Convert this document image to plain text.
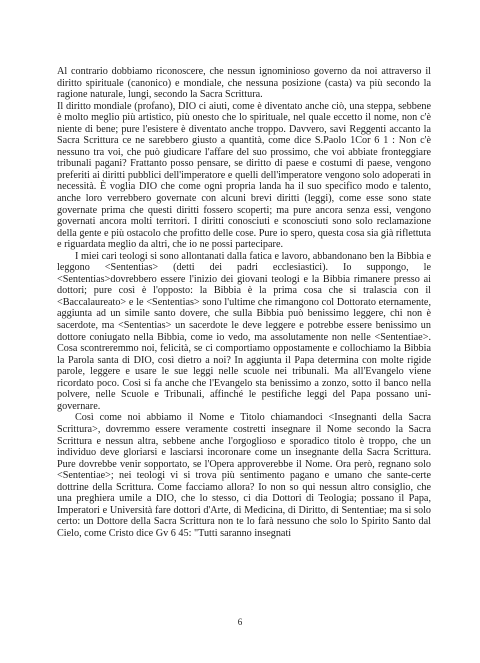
Al contrario dobbiamo riconoscere, che nessun ignominioso governo da noi attraverso il diritto spirituale (canonico) e mondiale, che nessuna posizione (casta) va più secondo la ragione naturale, lungi, secondo la Sacra Scrittura.

Il diritto mondiale (profano), DIO ci aiuti, come è diventato anche ciò, una steppa, sebbene è molto meglio più artistico, più onesto che lo spirituale, nel quale eccetto il nome, non c'è niente di bene; pure l'esistere è diventato anche troppo. Davvero, savi Reggenti accanto la Sacra Scrittura ce ne sarebbero giusto a quantità, come dice S.Paolo 1Cor 6 1 : Non c'è nessuno tra voi, che può giudicare l'affare del suo prossimo, che voi abbiate fronteggiare tribunali pagani? Frattanto posso pensare, se diritto di paese e costumi di paese, vengono preferiti ai diritti pubblici dell'imperatore e quelli dell'imperatore vengono solo adoperati in necessità. È voglia DIO che come ogni propria landa ha il suo specifico modo e talento, anche loro verrebbero governate con alcuni brevi diritti (leggi), come esse sono state governate prima che questi diritti fossero scoperti; ma pure ancora senza essi, vengono governati ancora molti territori. I diritti conosciuti e sconosciuti sono solo reclamazione della gente e più ostacolo che profitto delle cose. Pure io spero, questa cosa sia già riflettuta e riguardata meglio da altri, che io ne possi partecipare.

I miei cari teologi si sono allontanati dalla fatica e lavoro, abbandonano ben la Bibbia e leggono <Sententias> (detti dei padri ecclesiastici). Io suppongo, le <Sententias>dovrebbero essere l'inizio dei giovani teologi e la Bibbia rimanere presso ai dottori; pure così è l'opposto: la Bibbia è la prima cosa che si tralascia con il <Baccalaureato> e le <Sententias> sono l'ultime che rimangono col Dottorato eternamente, aggiunta ad un simile santo dovere, che sulla Bibbia può benissimo leggere, chi non è sacerdote, ma <Sententias> un sacerdote le deve leggere e potrebbe essere benissimo un dottore coniugato nella Bibbia, come io vedo, ma assolutamente non nelle <Sententiae>. Cosa scontreremmo noi, felicità, se ci comportiamo oppostamente e collochiamo la Bibbia la Parola santa di DIO, così dietro a noi? In aggiunta il Papa determina con molte rigide parole, leggere e usare le sue leggi nelle scuole nei tribunali. Ma all'Evangelo viene ricordato poco. Così si fa anche che l'Evangelo sta benissimo a zonzo, sotto il banco nella polvere, nelle Scuole e Tribunali, affinché le pestifiche leggi del Papa possano uni-governare.

Così come noi abbiamo il Nome e Titolo chiamandoci <Insegnanti della Sacra Scrittura>, dovremmo essere veramente costretti insegnare il Nome secondo la Sacra Scrittura e nessun altra, sebbene anche l'orgoglioso e sporadico titolo è troppo, che un individuo deve gloriarsi e lasciarsi incoronare come un insegnante della Sacra Scrittura. Pure dovrebbe venir sopportato, se l'Opera approverebbe il Nome. Ora però, regnano solo <Sententiae>; nei teologi vi si trova più sentimento pagano e umano che sante-certe dottrine della Scrittura. Come facciamo allora? Io non so qui nessun altro consiglio, che una preghiera umile a DIO, che lo stesso, ci dia Dottori di Teologia; possano il Papa, Imperatori e Università fare dottori d'Arte, di Medicina, di Diritto, di Sententiae; ma si solo certo: un Dottore della Sacra Scrittura non te lo farà nessuno che solo lo Spirito Santo dal Cielo, come Cristo dice Gv 6 45: "Tutti saranno insegnati

6
